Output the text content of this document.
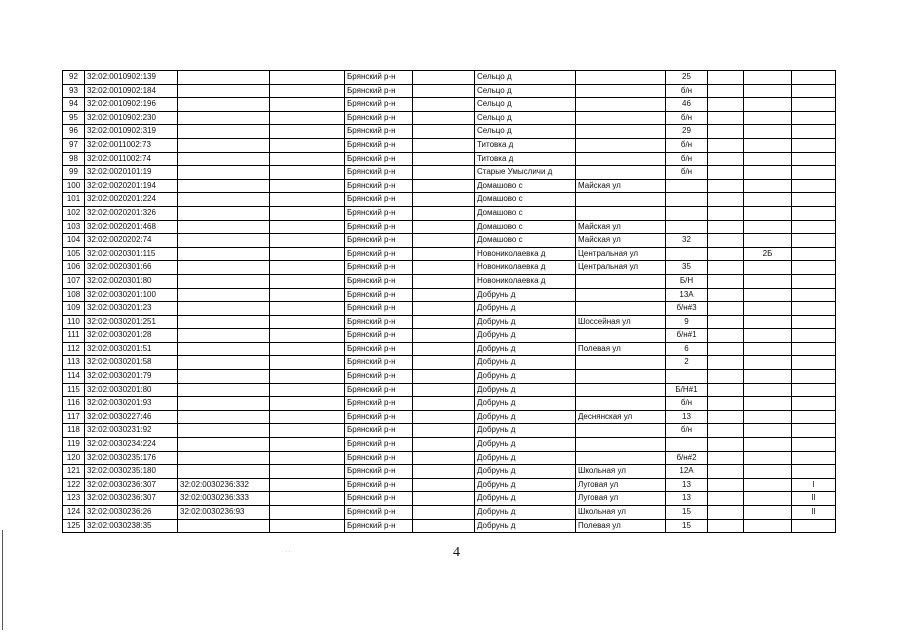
92	32:02:0010902:139			Брянский р-н		Сельцо д		25			
93	32:02:0010902:184			Брянский р-н		Сельцо д		б/н			
94	32:02:0010902:196			Брянский р-н		Сельцо д		46			
95	32:02:0010902:230			Брянский р-н		Сельцо д		б/н			
96	32:02:0010902:319			Брянский р-н		Сельцо д		29			
97	32:02:0011002:73			Брянский р-н		Титовка д		б/н			
98	32:02:0011002:74			Брянский р-н		Титовка д		б/н			
99	32:02:0020101:19			Брянский р-н		Старые Умысличи д		б/н			
100	32:02:0020201:194			Брянский р-н		Домашово с	Майская ул				
101	32:02:0020201:224			Брянский р-н		Домашово с					
102	32:02:0020201:326			Брянский р-н		Домашово с					
103	32:02:0020201:468			Брянский р-н		Домашово с	Майская ул				
104	32:02:0020202:74			Брянский р-н		Домашово с	Майская ул	32			
105	32:02:0020301:115			Брянский р-н		Новониколаевка д	Центральная ул			2Б	
106	32:02:0020301:66			Брянский р-н		Новониколаевка д	Центральная ул	35			
107	32:02:0020301:80			Брянский р-н		Новониколаевка д		Б/Н			
108	32:02:0030201:100			Брянский р-н		Добрунь д		13А			
109	32:02:0030201:23			Брянский р-н		Добрунь д		б/н#3			
110	32:02:0030201:251			Брянский р-н		Добрунь д	Шоссейная ул	9			
111	32:02:0030201:28			Брянский р-н		Добрунь д		б/н#1			
112	32:02:0030201:51			Брянский р-н		Добрунь д	Полевая ул	6			
113	32:02:0030201:58			Брянский р-н		Добрунь д		2			
114	32:02:0030201:79			Брянский р-н		Добрунь д					
115	32:02:0030201:80			Брянский р-н		Добрунь д		Б/Н#1			
116	32:02:0030201:93			Брянский р-н		Добрунь д		б/н			
117	32:02:0030227:46			Брянский р-н		Добрунь д	Деснянская ул	13			
118	32:02:0030231:92			Брянский р-н		Добрунь д		б/н			
119	32:02:0030234:224			Брянский р-н		Добрунь д					
120	32:02:0030235:176			Брянский р-н		Добрунь д		б/н#2			
121	32:02:0030235:180			Брянский р-н		Добрунь д	Школьная ул	12А			
122	32:02:0030236:307	32:02:0030236:332		Брянский р-н		Добрунь д	Луговая ул	13			I
123	32:02:0030236:307	32:02:0030236:333		Брянский р-н		Добрунь д	Луговая ул	13			II
124	32:02:0030236:26	32:02:0030236:93		Брянский р-н		Добрунь д	Школьная ул	15			II
125	32:02:0030238:35			Брянский р-н		Добрунь д	Полевая ул	15			
. .	4
